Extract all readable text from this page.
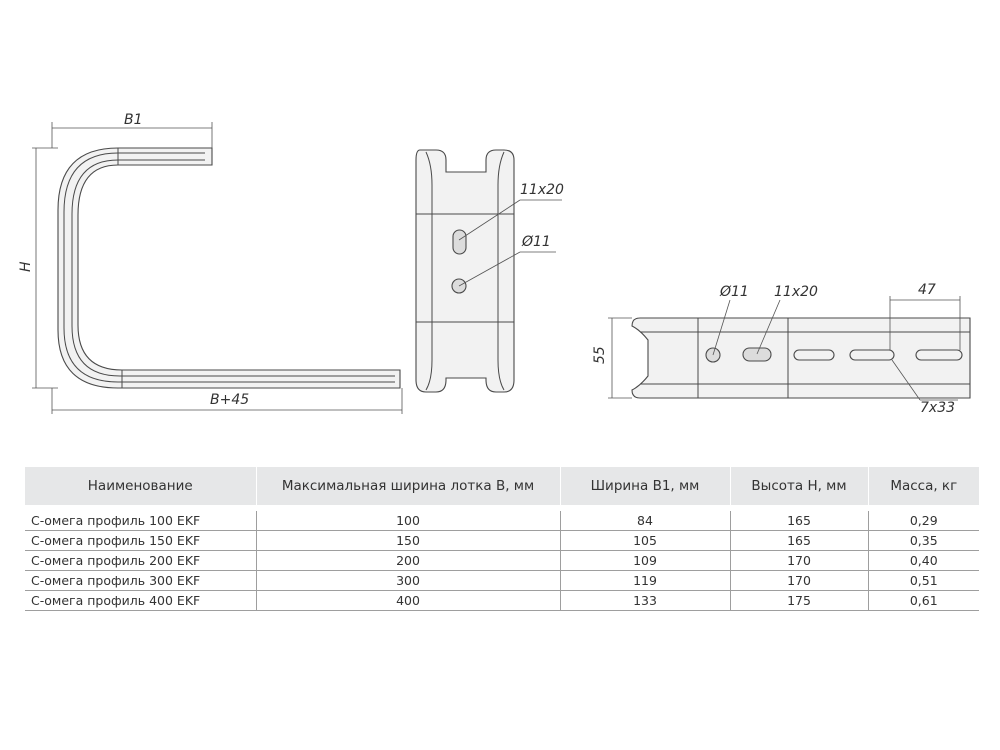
B1
H
B+45
11x20
Ø11
55
47
Ø11 11x20
7x33
Наименование	Максимальная ширина лотка B, мм	Ширина B1, мм	Высота H, мм	Масса, кг
C-омега профиль 100 EKF	100	84	165	0,29
C-омега профиль 150 EKF	150	105	165	0,35
C-омега профиль 200 EKF	200	109	170	0,40
C-омега профиль 300 EKF	300	119	170	0,51
C-омега профиль 400 EKF	400	133	175	0,61
